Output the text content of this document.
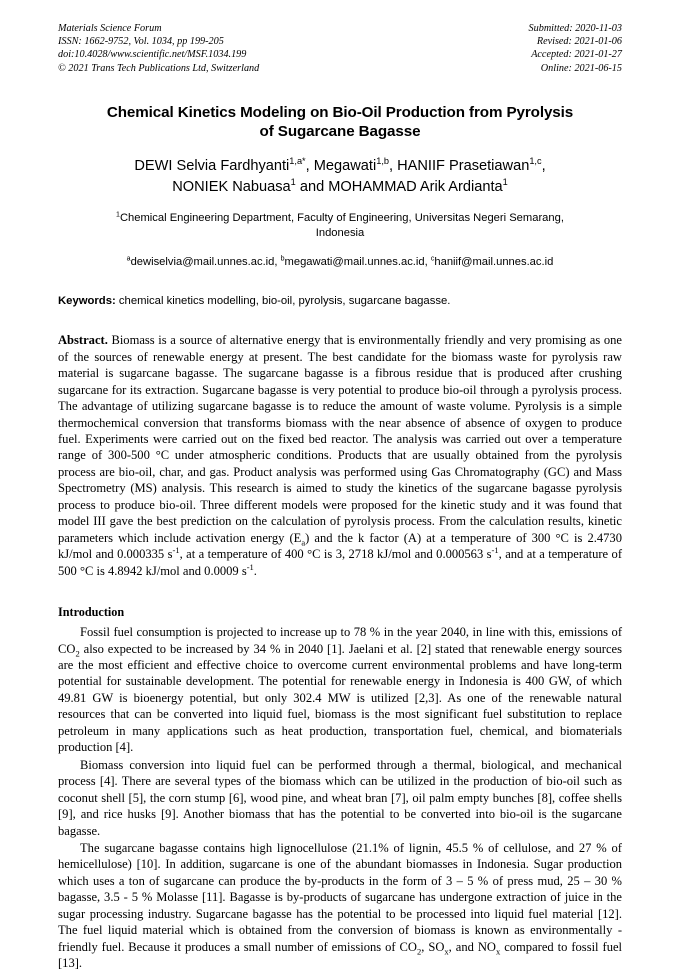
Materials Science Forum
ISSN: 1662-9752, Vol. 1034, pp 199-205
doi:10.4028/www.scientific.net/MSF.1034.199
© 2021 Trans Tech Publications Ltd, Switzerland
Submitted: 2020-11-03
Revised: 2021-01-06
Accepted: 2021-01-27
Online: 2021-06-15
Chemical Kinetics Modeling on Bio-Oil Production from Pyrolysis
of Sugarcane Bagasse
DEWI Selvia Fardhyanti$^{1,a*}$, Megawati$^{1,b}$, HANIIF Prasetiawan$^{1,c}$,
NONIEK Nabuasa$^1$ and MOHAMMAD Arik Ardianta$^1$
$^1$Chemical Engineering Department, Faculty of Engineering, Universitas Negeri Semarang,
Indonesia
$^a$dewiselvia@mail.unnes.ac.id, $^b$megawati@mail.unnes.ac.id, $^c$haniif@mail.unnes.ac.id
Keywords: chemical kinetics modelling, bio-oil, pyrolysis, sugarcane bagasse.
Abstract. Biomass is a source of alternative energy that is environmentally friendly and very promising as one of the sources of renewable energy at present. The best candidate for the biomass waste for pyrolysis raw material is sugarcane bagasse. The sugarcane bagasse is a fibrous residue that is produced after crushing sugarcane for its extraction. Sugarcane bagasse is very potential to produce bio-oil through a pyrolysis process. The advantage of utilizing sugarcane bagasse is to reduce the amount of waste volume. Pyrolysis is a simple thermochemical conversion that transforms biomass with the near absence of absence of oxygen to produce fuel. Experiments were carried out on the fixed bed reactor. The analysis was carried out over a temperature range of 300-500 °C under atmospheric conditions. Products that are usually obtained from the pyrolysis process are bio-oil, char, and gas. Product analysis was performed using Gas Chromatography (GC) and Mass Spectrometry (MS) analysis. This research is aimed to study the kinetics of the sugarcane bagasse pyrolysis process to produce bio-oil. Three different models were proposed for the kinetic study and it was found that model III gave the best prediction on the calculation of pyrolysis process. From the calculation results, kinetic parameters which include activation energy $(E_a)$ and the k factor (A) at a temperature of 300 °C is 2.4730 kJ/mol and 0.000335 $s^{-1}$, at a temperature of 400 °C is 3, 2718 kJ/mol and 0.000563 $s^{-1}$, and at a temperature of 500 °C is 4.8942 kJ/mol and 0.0009 $s^{-1}$.
Introduction

Fossil fuel consumption is projected to increase up to 78 % in the year 2040, in line with this, emissions of $CO_2$ also expected to be increased by 34 % in 2040 [1]. Jaelani et al. [2] stated that renewable energy sources are the most efficient and effective choice to overcome current environmental problems and have long-term potential for sustainable development. The potential for renewable energy in Indonesia is 400 GW, of which 49.81 GW is bioenergy potential, but only 302.4 MW is utilized [2,3]. As one of the renewable natural resources that can be converted into liquid fuel, biomass is the most significant fuel substitution to replace petroleum in many applications such as heat production, transportation fuel, chemical, and biomaterials production [4].

Biomass conversion into liquid fuel can be performed through a thermal, biological, and mechanical process [4]. There are several types of the biomass which can be utilized in the production of bio-oil such as coconut shell [5], the corn stump [6], wood pine, and wheat bran [7], oil palm empty bunches [8], coffee shells [9], and rice husks [9]. Another biomass that has the potential to be converted into bio-oil is the sugarcane bagasse.

The sugarcane bagasse contains high lignocellulose (21.1% of lignin, 45.5 % of cellulose, and 27 % of hemicellulose) [10]. In addition, sugarcane is one of the abundant biomasses in Indonesia. Sugar production which uses a ton of sugarcane can produce the by-products in the form of 3 – 5 % of press mud, 25 – 30 % bagasse, 3.5 - 5 % Molasse [11]. Bagasse is by-products of sugarcane has undergone extraction of juice in the sugar processing industry. Sugarcane bagasse has the potential to be processed into liquid fuel material [12]. The fuel liquid material which is obtained from the conversion of biomass is known as environmentally - friendly fuel. Because it produces a small number of emissions of $CO_2$, $SO_x$, and $NO_x$ compared to fossil fuel [13].
